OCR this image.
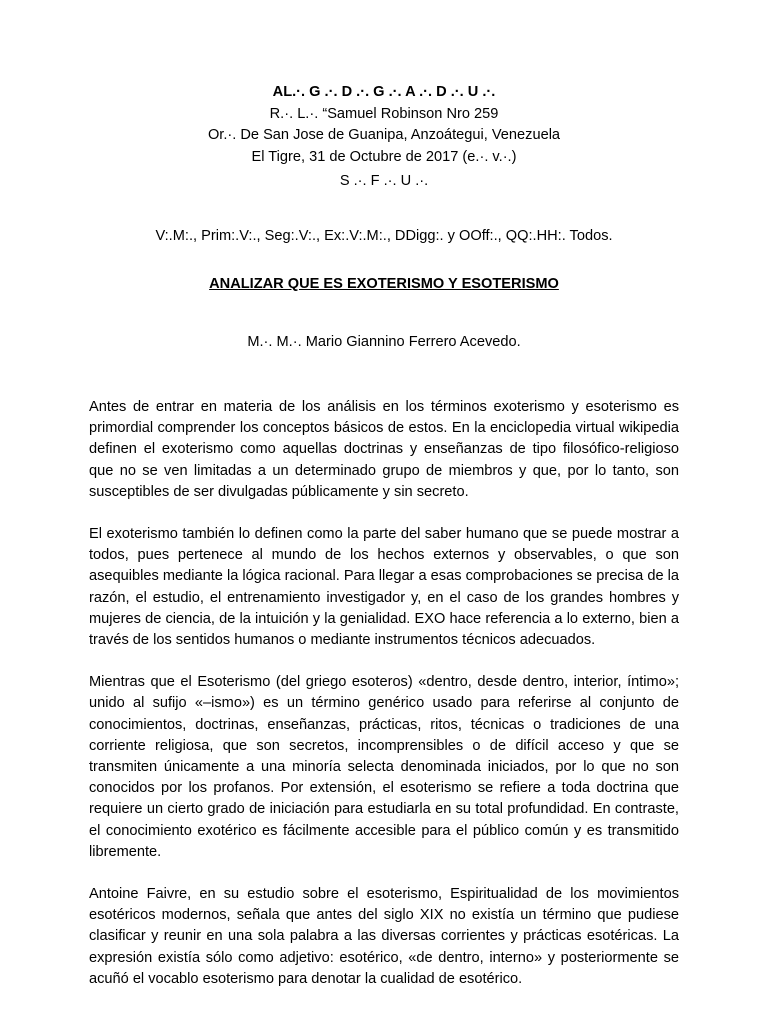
AL.·. G .·. D .·. G .·. A .·. D .·. U .·.
R.·. L.·. “Samuel Robinson Nro 259
Or.·. De San Jose de Guanipa, Anzoátegui, Venezuela
El Tigre, 31 de Octubre de 2017 (e.·. v.·.)
S .·. F .·. U .·.
V:.M:., Prim:.V:., Seg:.V:., Ex:.V:.M:., DDigg:. y OOff:., QQ:.HH:. Todos.
ANALIZAR QUE ES EXOTERISMO Y ESOTERISMO
M.·. M.·. Mario Giannino Ferrero Acevedo.

Antes de entrar en materia de los análisis en los términos exoterismo y esoterismo es primordial comprender los conceptos básicos de estos. En la enciclopedia virtual wikipedia definen el exoterismo como aquellas doctrinas y enseñanzas de tipo filosófico-religioso que no se ven limitadas a un determinado grupo de miembros y que, por lo tanto, son susceptibles de ser divulgadas públicamente y sin secreto.

El exoterismo también lo definen como la parte del saber humano que se puede mostrar a todos, pues pertenece al mundo de los hechos externos y observables, o que son asequibles mediante la lógica racional. Para llegar a esas comprobaciones se precisa de la razón, el estudio, el entrenamiento investigador y, en el caso de los grandes hombres y mujeres de ciencia, de la intuición y la genialidad. EXO hace referencia a lo externo, bien a través de los sentidos humanos o mediante instrumentos técnicos adecuados.

Mientras que el Esoterismo (del griego esoteros) «dentro, desde dentro, interior, íntimo»; unido al sufijo «–ismo») es un término genérico usado para referirse al conjunto de conocimientos, doctrinas, enseñanzas, prácticas, ritos, técnicas o tradiciones de una corriente religiosa, que son secretos, incomprensibles o de difícil acceso y que se transmiten únicamente a una minoría selecta denominada iniciados, por lo que no son conocidos por los profanos. Por extensión, el esoterismo se refiere a toda doctrina que requiere un cierto grado de iniciación para estudiarla en su total profundidad. En contraste, el conocimiento exotérico es fácilmente accesible para el público común y es transmitido libremente.

Antoine Faivre, en su estudio sobre el esoterismo, Espiritualidad de los movimientos esotéricos modernos, señala que antes del siglo XIX no existía un término que pudiese clasificar y reunir en una sola palabra a las diversas corrientes y prácticas esotéricas. La expresión existía sólo como adjetivo: esotérico, «de dentro, interno» y posteriormente se acuñó el vocablo esoterismo para denotar la cualidad de esotérico.
